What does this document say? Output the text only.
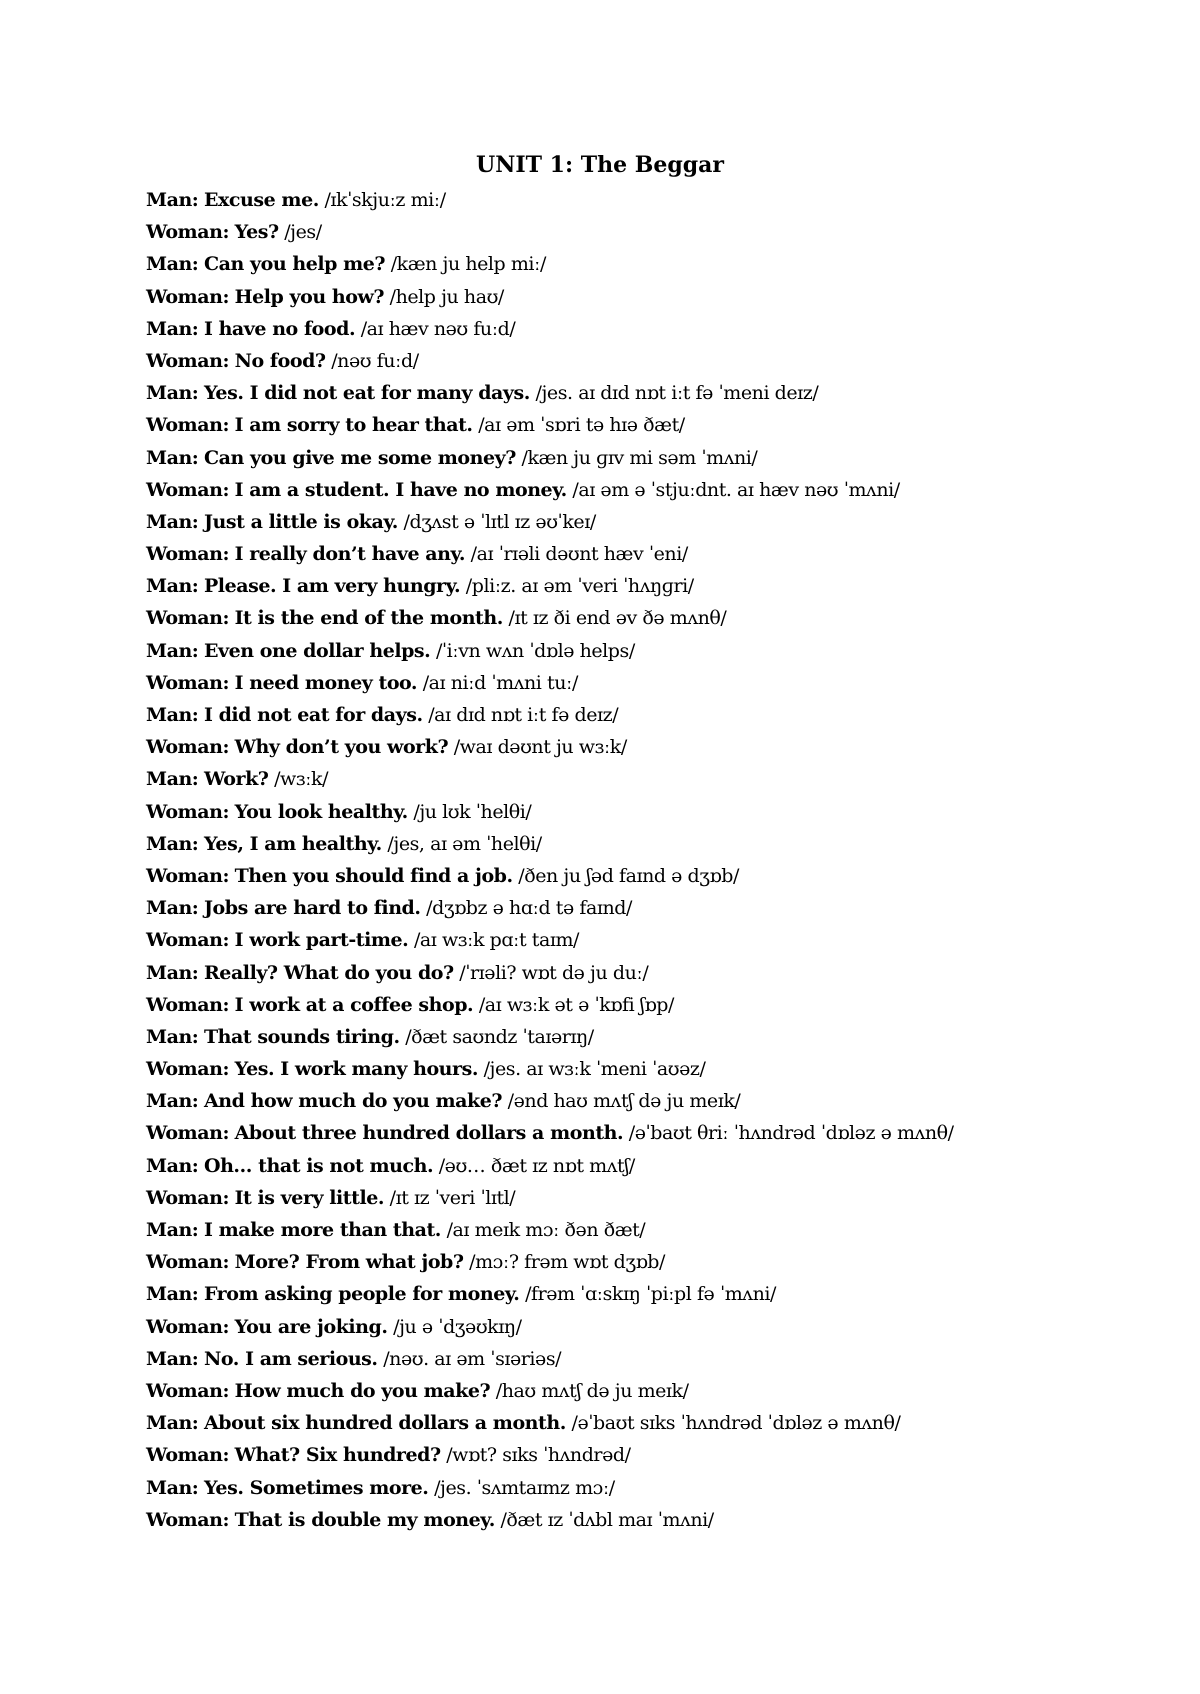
UNIT 1: The Beggar
Man: Excuse me. /ɪkˈskjuːz miː/
Woman: Yes? /jes/
Man: Can you help me? /kæn ju help miː/
Woman: Help you how? /help ju haʊ/
Man: I have no food. /aɪ hæv nəʊ fuːd/
Woman: No food? /nəʊ fuːd/
Man: Yes. I did not eat for many days. /jes. aɪ dɪd nɒt iːt fə ˈmeni deɪz/
Woman: I am sorry to hear that. /aɪ əm ˈsɒri tə hɪə ðæt/
Man: Can you give me some money? /kæn ju ɡɪv mi səm ˈmʌni/
Woman: I am a student. I have no money. /aɪ əm ə ˈstjuːdnt. aɪ hæv nəʊ ˈmʌni/
Man: Just a little is okay. /dʒʌst ə ˈlɪtl ɪz əʊˈkeɪ/
Woman: I really don’t have any. /aɪ ˈrɪəli dəʊnt hæv ˈeni/
Man: Please. I am very hungry. /pliːz. aɪ əm ˈveri ˈhʌŋɡri/
Woman: It is the end of the month. /ɪt ɪz ði end əv ðə mʌnθ/
Man: Even one dollar helps. /ˈiːvn wʌn ˈdɒlə helps/
Woman: I need money too. /aɪ niːd ˈmʌni tuː/
Man: I did not eat for days. /aɪ dɪd nɒt iːt fə deɪz/
Woman: Why don’t you work? /waɪ dəʊnt ju wɜːk/
Man: Work? /wɜːk/
Woman: You look healthy. /ju lʊk ˈhelθi/
Man: Yes, I am healthy. /jes, aɪ əm ˈhelθi/
Woman: Then you should find a job. /ðen ju ʃəd faɪnd ə dʒɒb/
Man: Jobs are hard to find. /dʒɒbz ə hɑːd tə faɪnd/
Woman: I work part-time. /aɪ wɜːk pɑːt taɪm/
Man: Really? What do you do? /ˈrɪəli? wɒt də ju duː/
Woman: I work at a coffee shop. /aɪ wɜːk ət ə ˈkɒfi ʃɒp/
Man: That sounds tiring. /ðæt saʊndz ˈtaɪərɪŋ/
Woman: Yes. I work many hours. /jes. aɪ wɜːk ˈmeni ˈaʊəz/
Man: And how much do you make? /ənd haʊ mʌtʃ də ju meɪk/
Woman: About three hundred dollars a month. /əˈbaʊt θriː ˈhʌndrəd ˈdɒləz ə mʌnθ/
Man: Oh… that is not much. /əʊ… ðæt ɪz nɒt mʌtʃ/
Woman: It is very little. /ɪt ɪz ˈveri ˈlɪtl/
Man: I make more than that. /aɪ meɪk mɔː ðən ðæt/
Woman: More? From what job? /mɔː? frəm wɒt dʒɒb/
Man: From asking people for money. /frəm ˈɑːskɪŋ ˈpiːpl fə ˈmʌni/
Woman: You are joking. /ju ə ˈdʒəʊkɪŋ/
Man: No. I am serious. /nəʊ. aɪ əm ˈsɪəriəs/
Woman: How much do you make? /haʊ mʌtʃ də ju meɪk/
Man: About six hundred dollars a month. /əˈbaʊt sɪks ˈhʌndrəd ˈdɒləz ə mʌnθ/
Woman: What? Six hundred? /wɒt? sɪks ˈhʌndrəd/
Man: Yes. Sometimes more. /jes. ˈsʌmtaɪmz mɔː/
Woman: That is double my money. /ðæt ɪz ˈdʌbl maɪ ˈmʌni/
